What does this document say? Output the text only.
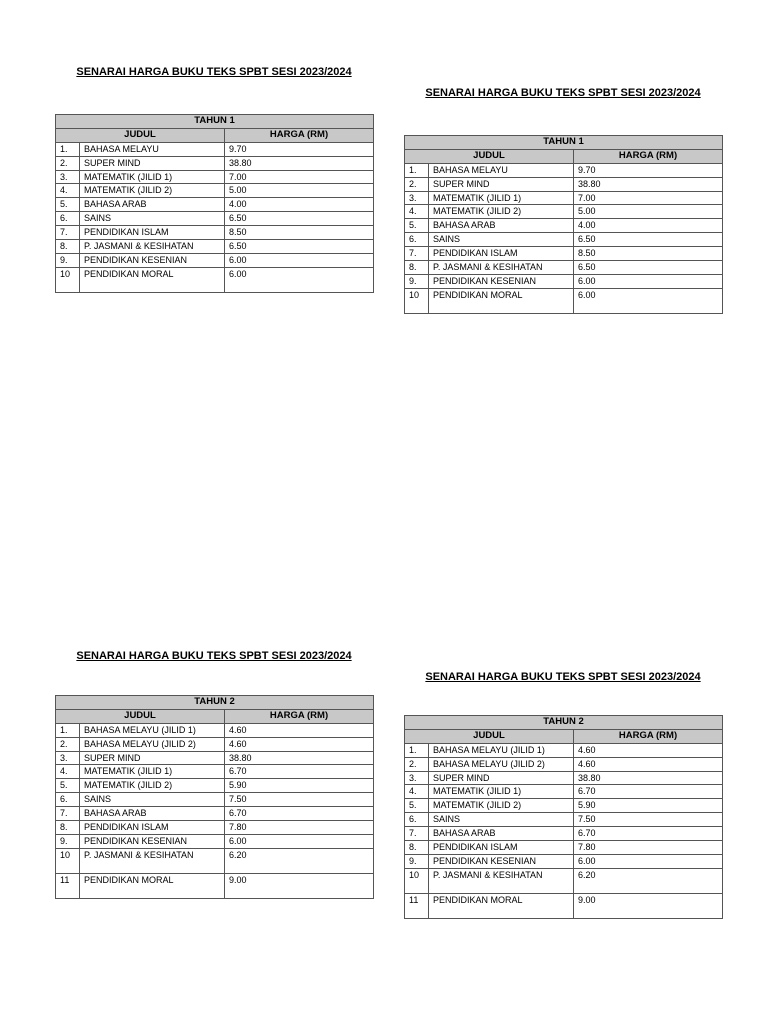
SENARAI HARGA BUKU TEKS SPBT SESI 2023/2024
TAHUN 1		
JUDUL		HARGA (RM)
1.	BAHASA MELAYU	9.70
2.	SUPER MIND	38.80
3.	MATEMATIK (JILID 1)	7.00
4.	MATEMATIK (JILID 2)	5.00
5.	BAHASA ARAB	4.00
6.	SAINS	6.50
7.	PENDIDIKAN ISLAM	8.50
8.	P. JASMANI & KESIHATAN	6.50
9.	PENDIDIKAN KESENIAN	6.00
10	PENDIDIKAN MORAL	6.00
SENARAI HARGA BUKU TEKS SPBT SESI 2023/2024
TAHUN 1		
JUDUL		HARGA (RM)
1.	BAHASA MELAYU	9.70
2.	SUPER MIND	38.80
3.	MATEMATIK (JILID 1)	7.00
4.	MATEMATIK (JILID 2)	5.00
5.	BAHASA ARAB	4.00
6.	SAINS	6.50
7.	PENDIDIKAN ISLAM	8.50
8.	P. JASMANI & KESIHATAN	6.50
9.	PENDIDIKAN KESENIAN	6.00
10	PENDIDIKAN MORAL	6.00
SENARAI HARGA BUKU TEKS SPBT SESI 2023/2024
TAHUN 2		
JUDUL		HARGA (RM)
1.	BAHASA MELAYU (JILID 1)	4.60
2.	BAHASA MELAYU (JILID 2)	4.60
3.	SUPER MIND	38.80
4.	MATEMATIK (JILID 1)	6.70
5.	MATEMATIK (JILID 2)	5.90
6.	SAINS	7.50
7.	BAHASA ARAB	6.70
8.	PENDIDIKAN ISLAM	7.80
9.	PENDIDIKAN KESENIAN	6.00
10	P. JASMANI & KESIHATAN	6.20
11	PENDIDIKAN MORAL	9.00
SENARAI HARGA BUKU TEKS SPBT SESI 2023/2024
TAHUN 2		
JUDUL		HARGA (RM)
1.	BAHASA MELAYU (JILID 1)	4.60
2.	BAHASA MELAYU (JILID 2)	4.60
3.	SUPER MIND	38.80
4.	MATEMATIK (JILID 1)	6.70
5.	MATEMATIK (JILID 2)	5.90
6.	SAINS	7.50
7.	BAHASA ARAB	6.70
8.	PENDIDIKAN ISLAM	7.80
9.	PENDIDIKAN KESENIAN	6.00
10	P. JASMANI & KESIHATAN	6.20
11	PENDIDIKAN MORAL	9.00
